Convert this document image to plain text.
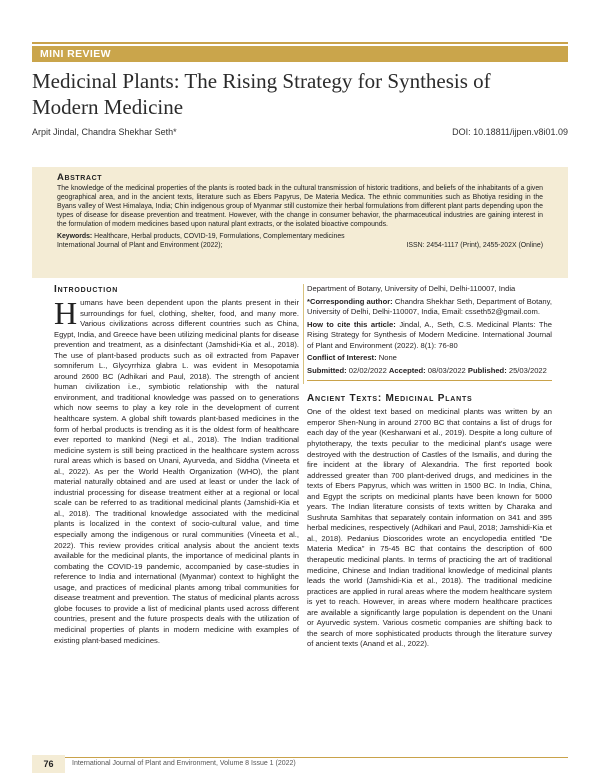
MINI REVIEW
Medicinal Plants: The Rising Strategy for Synthesis of Modern Medicine
Arpit Jindal, Chandra Shekhar Seth*	DOI: 10.18811/ijpen.v8i01.09
Abstract

The knowledge of the medicinal properties of the plants is rooted back in the cultural transmission of historic traditions, and beliefs of the inhabitants of a given geographical area, and in the ancient texts, literature such as Ebers Papyrus, De Materia Medica. The ethnic communities such as Bhotiya residing in the Byans valley of West Himalaya, India; Chin indigenous group of Myanmar still customize their herbal formulations from different plant parts depending upon the types of disease for disease prevention and treatment. However, with the change in consumer behavior, the pharmaceutical industries are gaining interest in the formulation of modern medicines based upon natural plant extracts, or the isolated bioactive compounds.

Keywords: Healthcare, Herbal products, COVID-19, Formulations, Complementary medicines

International Journal of Plant and Environment (2022);	ISSN: 2454-1117 (Print), 2455-202X (Online)
Introduction

Humans have been dependent upon the plants present in their surroundings for fuel, clothing, shelter, food, and many more. Various civilizations across different countries such as China, Egypt, India, and Greece have been utilizing medicinal plants for disease prevention and treatment, as a disinfectant (Jamshidi-Kia et al., 2018). The use of plant-based products such as oil extracted from Papaver somniferum L., Glycyrrhiza glabra L. was evident in Mesopotamia around 2600 BC (Adhikari and Paul, 2018). The strength of ancient human civilization i.e., symbiotic relationship with the natural environment, and traditional knowledge was passed on to generations which now seems to play a key role in the development of current healthcare system. A global shift towards plant-based medicines in the form of herbal products is trending as it is the oldest form of healthcare ever reported to mankind (Negi et al., 2018). The Indian traditional medicine system is still being practiced in the healthcare system across rural areas which is based on Unani, Ayurveda, and Siddha (Vineeta et al., 2022). As per the World Health Organization (WHO), the plant material naturally obtained and are used at least or under the lack of industrial processing for disease treatment either at a regional or local scale can be referred to as traditional medicinal plants (Jamshidi-Kia et al., 2018). The traditional knowledge associated with the medicinal plants is localized in the context of socio-cultural value, and time especially among the indigenous or rural communities (Vineeta et al., 2022). This review provides critical analysis about the ancient texts available for the medicinal plants, the importance of medicinal plants in combating the COVID-19 pandemic, accompanied by case-studies in reference to India and international (Myanmar) context to highlight the usage, and practices of medicinal plants among tribal communities for disease treatment and prevention. The status of medicinal plants across globe focuses to provide a list of medicinal plants used across different countries, present and the future prospects deals with the utilization of medicinal properties of plants in modern medicine with examples of existing plant-based medicines.

Department of Botany, University of Delhi, Delhi-110007, India

*Corresponding author: Chandra Shekhar Seth, Department of Botany, University of Delhi, Delhi-110007, India, Email: csseth52@gmail.com.

How to cite this article: Jindal, A., Seth, C.S. Medicinal Plants: The Rising Strategy for Synthesis of Modern Medicine. International Journal of Plant and Environment (2022). 8(1): 76-80

Conflict of Interest: None

Submitted: 02/02/2022 Accepted: 08/03/2022 Published: 25/03/2022

Ancient Texts: Medicinal Plants

One of the oldest text based on medicinal plants was written by an emperor Shen-Nung in around 2700 BC that contains a list of drugs for each day of the year (Kesharwani et al., 2019). Despite a long culture of phytotherapy, the texts peculiar to the medicinal plant's usage were destroyed with the destruction of Castles of the Ismailis, and during the fire incident at the library of Alexandria. The first reported book addressed greater than 700 plant-derived drugs, and medicines in the texts of Ebers Papyrus, which was written in 1500 BC. In India, China, and Egypt the scripts on medicinal plants have been known for 5000 years. The Indian literature consists of texts written by Charaka and Sushruta Samhitas that separately contain information on 341 and 395 herbal medicines, respectively (Adhikari and Paul, 2018; Jamshidi-Kia et al., 2018). Pedanius Dioscorides wrote an encyclopedia entitled "De Materia Medica" in 75-45 BC that contains the description of 600 therapeutic medicinal plants. In terms of practicing the art of traditional medicine, Chinese and Indian traditional knowledge of medicinal plants leads the world (Jamshidi-Kia et al., 2018). The traditional medicine practices are applied in rural areas where the modern healthcare system is yet to reach. However, in areas where modern healthcare practices are available a significantly large population is dependent on the Unani or Ayurvedic system. Various cosmetic companies are shifting back to the search of more sophisticated products through the literature survey of ancient texts (Anand et al., 2022).

76	International Journal of Plant and Environment, Volume 8 Issue 1 (2022)
